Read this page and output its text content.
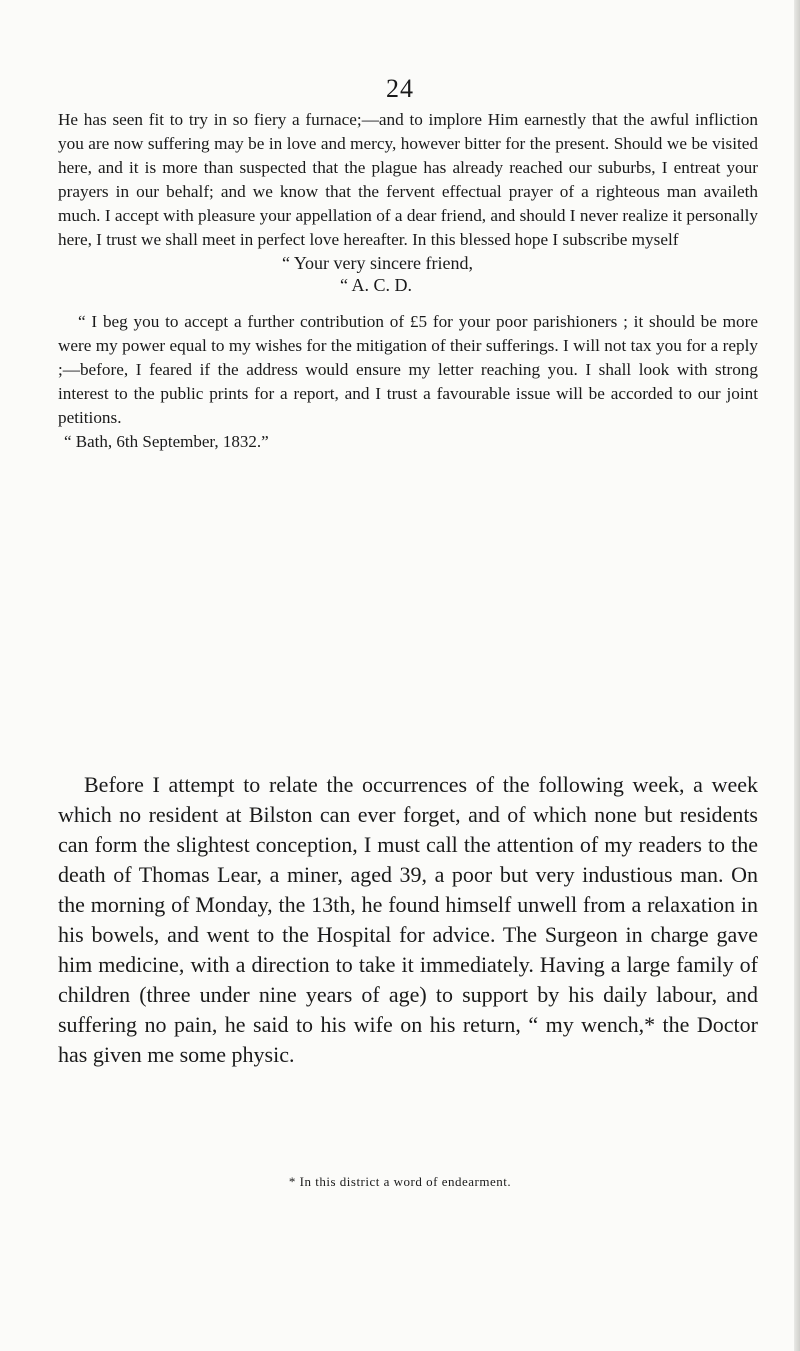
24

He has seen fit to try in so fiery a furnace;—and to implore Him earnestly that the awful infliction you are now suffering may be in love and mercy, however bitter for the present. Should we be visited here, and it is more than suspected that the plague has already reached our suburbs, I entreat your prayers in our behalf; and we know that the fervent effectual prayer of a righteous man availeth much. I accept with pleasure your appellation of a dear friend, and should I never realize it personally here, I trust we shall meet in perfect love hereafter. In this blessed hope I subscribe myself

“ Your very sincere friend,
“ A. C. D.

“ I beg you to accept a further contribution of £5 for your poor parishioners ; it should be more were my power equal to my wishes for the mitigation of their sufferings. I will not tax you for a reply ;—before, I feared if the address would ensure my letter reaching you. I shall look with strong interest to the public prints for a report, and I trust a favourable issue will be accorded to our joint petitions.

“ Bath, 6th September, 1832.”

Before I attempt to relate the occurrences of the following week, a week which no resident at Bilston can ever forget, and of which none but residents can form the slightest conception, I must call the attention of my readers to the death of Thomas Lear, a miner, aged 39, a poor but very industious man. On the morning of Monday, the 13th, he found himself unwell from a relaxation in his bowels, and went to the Hospital for advice. The Surgeon in charge gave him medicine, with a direction to take it immediately. Having a large family of children (three under nine years of age) to support by his daily labour, and suffering no pain, he said to his wife on his return, “ my wench,* the Doctor has given me some physic.

* In this district a word of endearment.
